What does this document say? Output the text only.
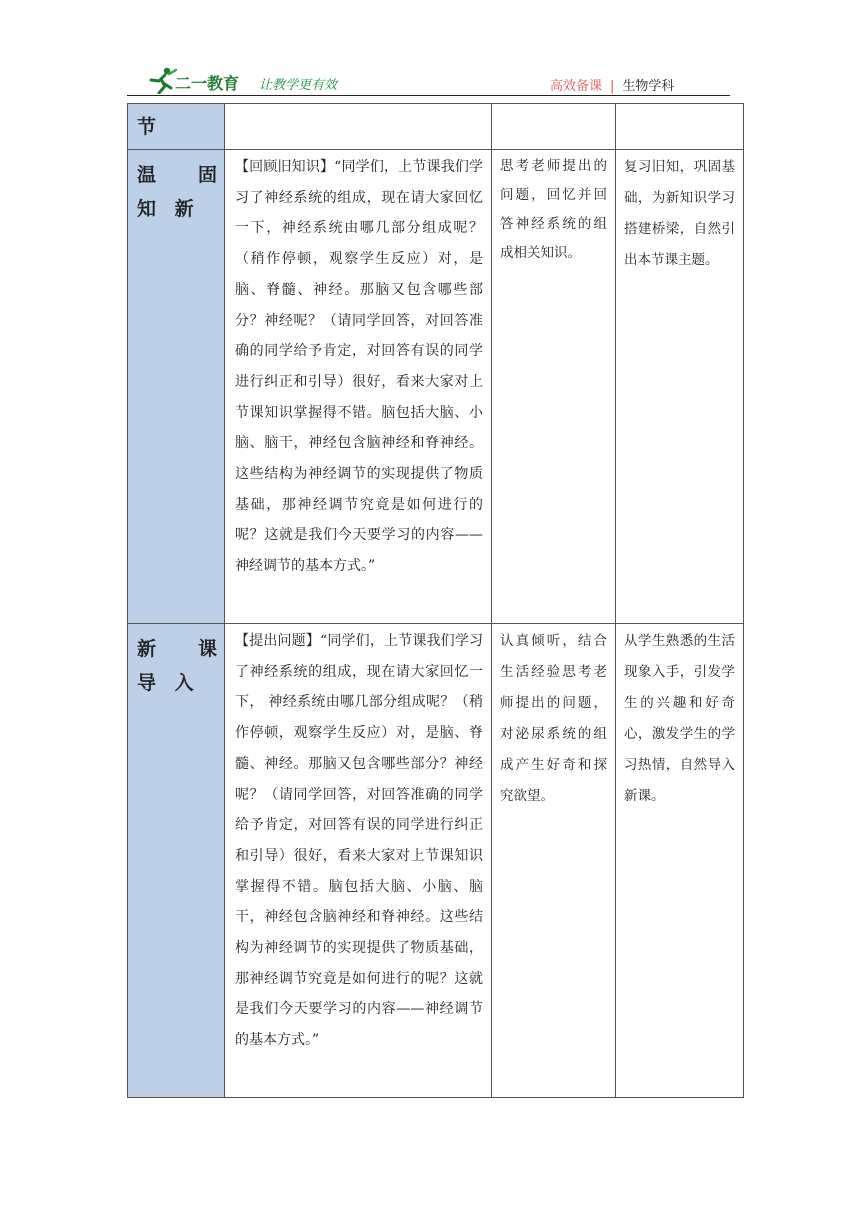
二一教育 让教学更有效	高效备课 | 生物学科
节			

温 固 知 新	【回顾旧知识】“同学们，上节课我们学习了神经系统的组成，现在请大家回忆一下，神经系统由哪几部分组成呢？（稍作停顿，观察学生反应）对，是脑、脊髓、神经。那脑又包含哪些部分？神经呢？（请同学回答，对回答准确的同学给予肯定，对回答有误的同学进行纠正和引导）很好，看来大家对上节课知识掌握得不错。脑包括大脑、小脑、脑干，神经包含脑神经和脊神经。这些结构为神经调节的实现提供了物质基础，那神经调节究竟是如何进行的呢？这就是我们今天要学习的内容——神经调节的基本方式。”	思考老师提出的问题，回忆并回答神经系统的组成相关知识。	复习旧知，巩固基础，为新知识学习搭建桥梁，自然引出本节课主题。

新 课 导 入	【提出问题】“同学们，上节课我们学习了神经系统的组成，现在请大家回忆一下， 神经系统由哪几部分组成呢？（稍作停顿，观察学生反应）对，是脑、脊髓、神经。那脑又包含哪些部分？神经呢？（请同学回答，对回答准确的同学给予肯定，对回答有误的同学进行纠正和引导）很好，看来大家对上节课知识掌握得不错。脑包括大脑、小脑、脑干，神经包含脑神经和脊神经。这些结构为神经调节的实现提供了物质基础，那神经调节究竟是如何进行的呢？这就是我们今天要学习的内容——神经调节的基本方式。”	认真倾听，结合生活经验思考老师提出的问题，对泌尿系统的组成产生好奇和探究欲望。	从学生熟悉的生活现象入手，引发学生的兴趣和好奇心，激发学生的学习热情，自然导入新课。
